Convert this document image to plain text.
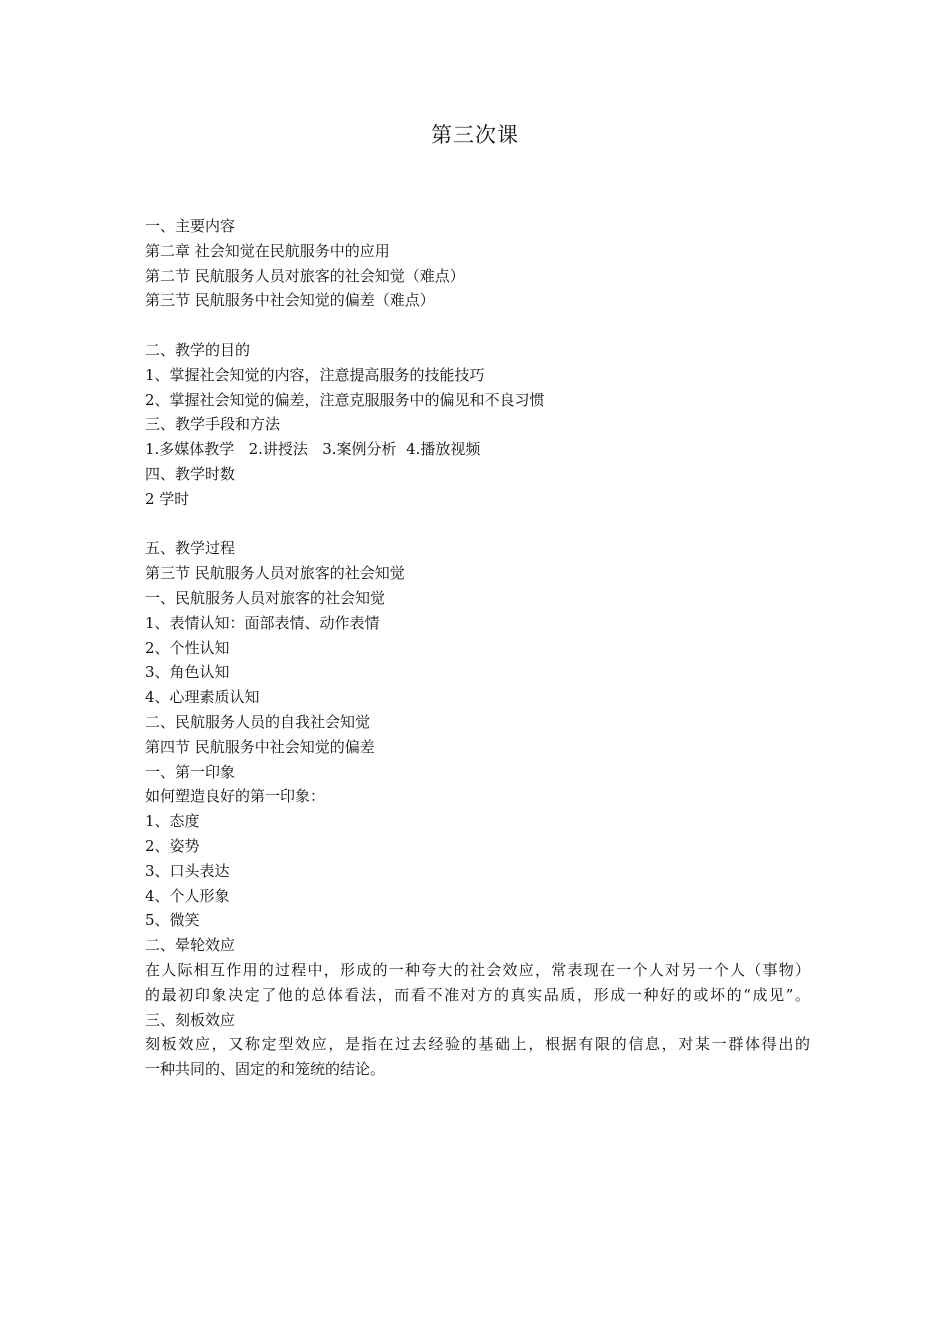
第三次课
一、主要内容
第二章 社会知觉在民航服务中的应用
第二节 民航服务人员对旅客的社会知觉（难点）
第三节 民航服务中社会知觉的偏差（难点）
二、教学的目的
1、掌握社会知觉的内容，注意提高服务的技能技巧
2、掌握社会知觉的偏差，注意克服服务中的偏见和不良习惯
三、教学手段和方法
1.多媒体教学   2.讲授法   3.案例分析  4.播放视频
四、教学时数
2 学时
五、教学过程
第三节 民航服务人员对旅客的社会知觉
一、民航服务人员对旅客的社会知觉
1、表情认知：面部表情、动作表情
2、个性认知
3、角色认知
4、心理素质认知
二、民航服务人员的自我社会知觉
第四节 民航服务中社会知觉的偏差
一、第一印象
如何塑造良好的第一印象：
1、态度
2、姿势
3、口头表达
4、个人形象
5、微笑
二、晕轮效应
在人际相互作用的过程中，形成的一种夸大的社会效应，常表现在一个人对另一个人（事物）
的最初印象决定了他的总体看法，而看不准对方的真实品质，形成一种好的或坏的“成见”。
三、刻板效应
刻板效应，又称定型效应，是指在过去经验的基础上，根据有限的信息，对某一群体得出的
一种共同的、固定的和笼统的结论。
